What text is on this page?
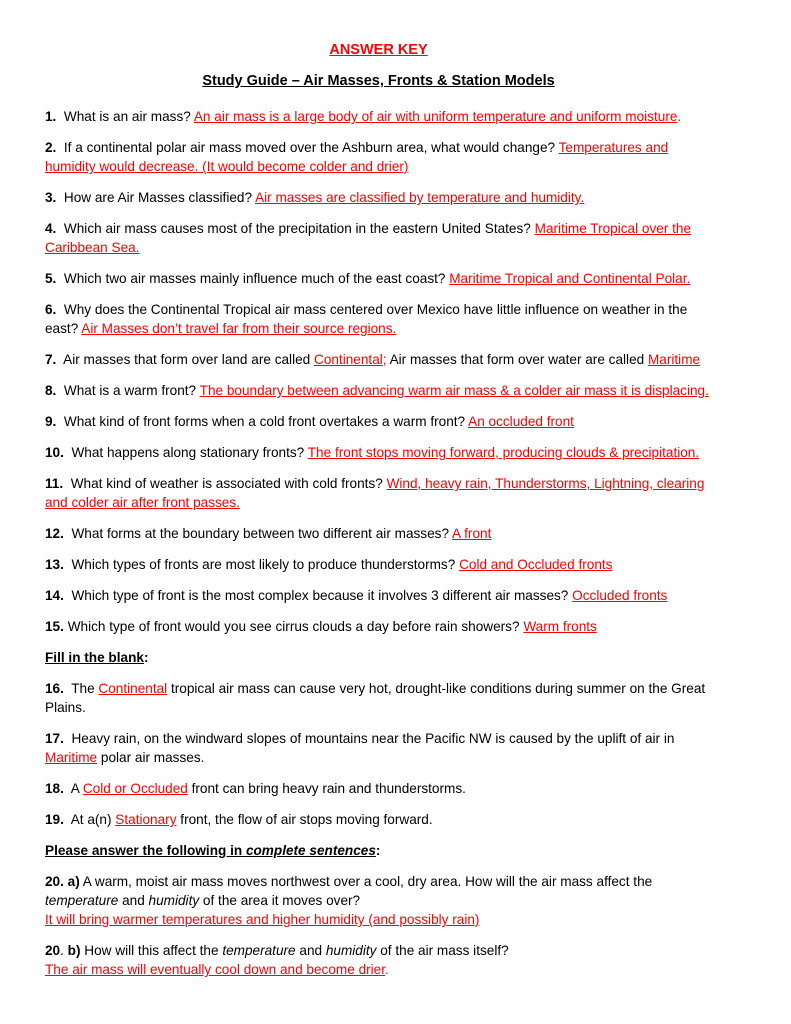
ANSWER KEY
Study Guide – Air Masses, Fronts & Station Models

1. What is an air mass? An air mass is a large body of air with uniform temperature and uniform moisture.

2. If a continental polar air mass moved over the Ashburn area, what would change? Temperatures and humidity would decrease. (It would become colder and drier)

3. How are Air Masses classified? Air masses are classified by temperature and humidity.

4. Which air mass causes most of the precipitation in the eastern United States? Maritime Tropical over the Caribbean Sea.

5. Which two air masses mainly influence much of the east coast? Maritime Tropical and Continental Polar.

6. Why does the Continental Tropical air mass centered over Mexico have little influence on weather in the east? Air Masses don’t travel far from their source regions.

7. Air masses that form over land are called Continental; Air masses that form over water are called Maritime

8. What is a warm front? The boundary between advancing warm air mass & a colder air mass it is displacing.

9. What kind of front forms when a cold front overtakes a warm front? An occluded front

10. What happens along stationary fronts? The front stops moving forward, producing clouds & precipitation.

11. What kind of weather is associated with cold fronts? Wind, heavy rain, Thunderstorms, Lightning, clearing and colder air after front passes.

12. What forms at the boundary between two different air masses? A front

13. Which types of fronts are most likely to produce thunderstorms? Cold and Occluded fronts

14. Which type of front is the most complex because it involves 3 different air masses? Occluded fronts

15. Which type of front would you see cirrus clouds a day before rain showers? Warm fronts

Fill in the blank:

16. The Continental tropical air mass can cause very hot, drought-like conditions during summer on the Great Plains.

17. Heavy rain, on the windward slopes of mountains near the Pacific NW is caused by the uplift of air in Maritime polar air masses.

18. A Cold or Occluded front can bring heavy rain and thunderstorms.

19. At a(n) Stationary front, the flow of air stops moving forward.

Please answer the following in complete sentences:

20. a) A warm, moist air mass moves northwest over a cool, dry area. How will the air mass affect the temperature and humidity of the area it moves over?
It will bring warmer temperatures and higher humidity (and possibly rain)

20. b) How will this affect the temperature and humidity of the air mass itself?
The air mass will eventually cool down and become drier.
